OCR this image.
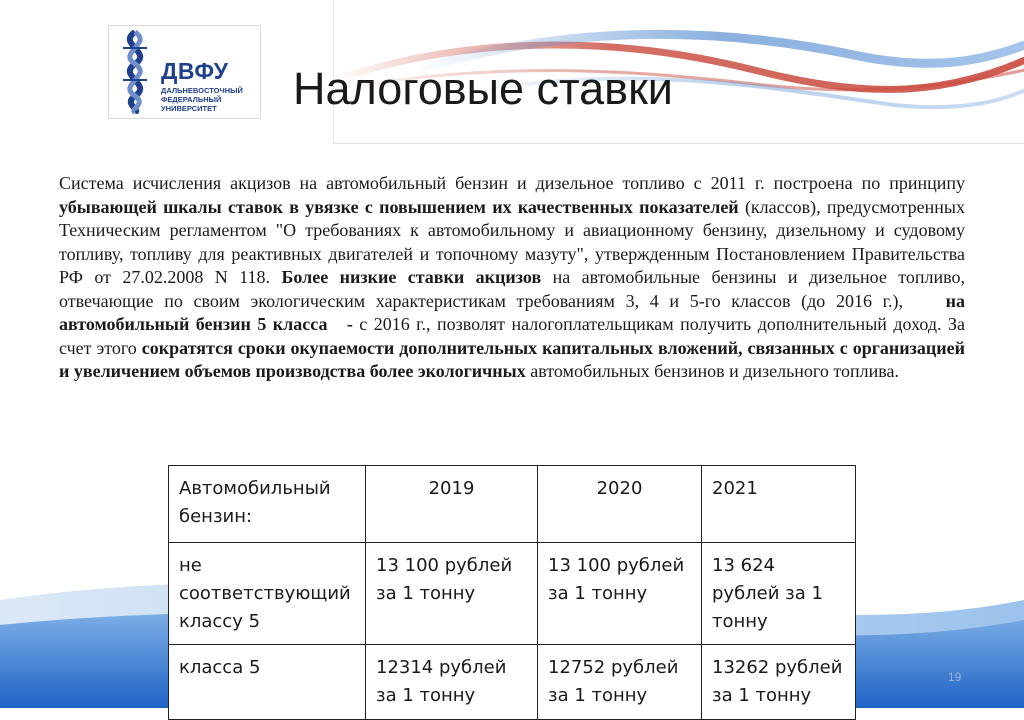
ДВФУ
ДАЛЬНЕВОСТОЧНЫЙ
ФЕДЕРАЛЬНЫЙ
УНИВЕРСИТЕТ Налоговые ставки

Система исчисления акцизов на автомобильный бензин и дизельное топливо с 2011 г. построена по принципу убывающей шкалы ставок в увязке с повышением их качественных показателей (классов), предусмотренных Техническим регламентом "О требованиях к автомобильному и авиационному бензину, дизельному и судовому топливу, топливу для реактивных двигателей и топочному мазуту", утвержденным Постановлением Правительства РФ от 27.02.2008 N 118. Более низкие ставки акцизов на автомобильные бензины и дизельное топливо, отвечающие по своим экологическим характеристикам требованиям 3, 4 и 5-го классов (до 2016 г.),    на автомобильный бензин 5 класса   - с 2016 г., позволят налогоплательщикам получить дополнительный доход. За счет этого сократятся сроки окупаемости дополнительных капитальных вложений, связанных с организацией и увеличением объемов производства более экологичных автомобильных бензинов и дизельного топлива.

Автомобильный бензин:	2019	2020	2021
не соответствующий классу 5	13 100 рублей за 1 тонну	13 100 рублей за 1 тонну	13 624 рублей за 1 тонну
класса 5	12314 рублей за 1 тонну	12752 рублей за 1 тонну	13262 рублей за 1 тонну
19
